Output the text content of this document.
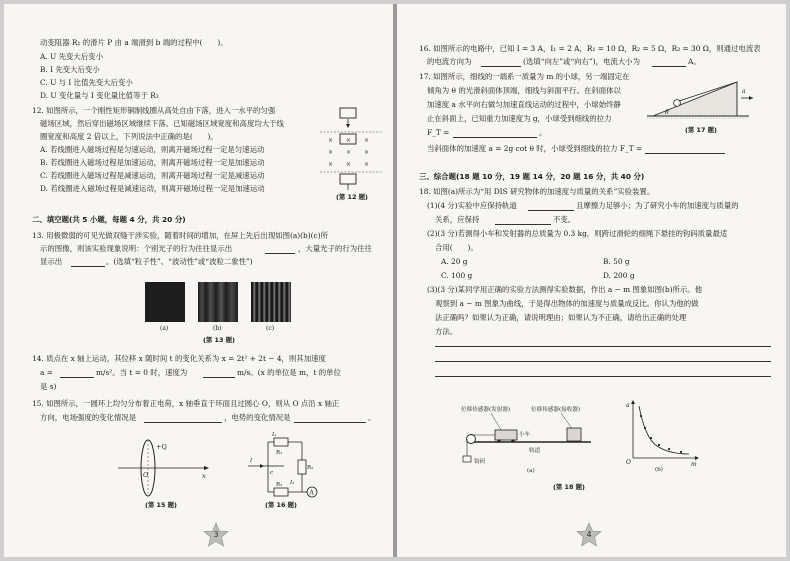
动变阻器 R₁ 的滑片 P 由 a 端滑到 b 端的过程中(　　)。
A. U 先变大后变小
B. I 先变大后变小
C. U 与 I 比值先变大后变小
D. U 变化量与 I 变化量比值等于 R₃
12. 如图所示，一个刚性矩形铜制线圈从高处自由下落，进入一水平的匀强
磁场区域，然后穿出磁场区域继续下落。已知磁场区域宽度和高度均大于线
圈宽度和高度 2 倍以上，下列说法中正确的是(　　)。
A. 若线圈进入磁场过程是匀速运动，则离开磁场过程一定是匀速运动
B. 若线圈进入磁场过程是加速运动，则离开磁场过程一定是加速运动
C. 若线圈进入磁场过程是减速运动，则离开磁场过程一定是减速运动
D. 若线圈进入磁场过程是减速运动，则离开磁场过程一定是加速运动
× × ×
× × ×
× × ×
(第 12 题)
二、填空题(共 5 小题，每题 4 分，共 20 分)
13. 用极微弱的可见光做双缝干涉实验，随着时间的增加，在屏上先后出现如图(a)(b)(c)所
示的图像，则该实验现象说明：个别光子的行为往往显示出	，大量光子的行为往往
显示出	。(选填“粒子性”、“波动性”或“波粒二象性”)
(a)	(b)	(c)
(第 13 题)
14. 质点在 x 轴上运动，其位移 x 随时间 t 的变化关系为 x = 2t² + 2t − 4，则其加速度
a =	m/s²。当 t = 0 时，速度为	m/s。(x 的单位是 m，t 的单位
是 s)
15. 如图所示，一圆环上均匀分布着正电荷，x 轴垂直于环面且过圆心 O，则从 O 点沿 x 轴正
方向，电场强度的变化情况是	，电势的变化情况是	。
+Q
O	x
(第 15 题)
I₁
R₁
I
c
R₂
I₂
R₃
A
(第 16 题)
3
16. 如图所示的电路中，已知 I = 3 A，I₁ = 2 A，R₁ = 10 Ω，R₂ = 5 Ω，R₃ = 30 Ω，则通过电流表
的电流方向为	(选填“向左”或“向右”)，电流大小为	A。
17. 如图所示，细线的一端系一质量为 m 的小球，另一端固定在
倾角为 θ 的光滑斜面体顶端，细线与斜面平行。在斜面体以
加速度 a 水平向右做匀加速直线运动的过程中，小球始终静
止在斜面上，已知重力加速度为 g，小球受到细线的拉力
F_T =	。
当斜面体的加速度 a = 2g cot θ 时，小球受到细线的拉力 F_T =
a
θ
(第 17 题)
三、综合题(18 题 10 分，19 题 14 分，20 题 16 分，共 40 分)
18. 如图(a)所示为“用 DIS 研究物体的加速度与质量的关系”实验装置。
(1)(4 分)实验中应保持轨道	且摩擦力足够小；为了研究小车的加速度与质量的
关系，应保持	不变。
(2)(3 分)若测得小车和发射器的总质量为 0.3 kg，则跨过滑轮的细绳下悬挂的钩码质量最适
合用(　　)。
A. 20 g	B. 50 g
C. 100 g	D. 200 g
(3)(3 分)某同学用正确的实验方法测得实验数据，作出 a − m 图象如图(b)所示。他
观察到 a − m 图象为曲线，于是得出物体的加速度与质量成反比。你认为他的做
法正确吗？如果认为正确，请说明理由；如果认为不正确，请给出正确的处理
方法。
位移传感器(发射器)	位移传感器(接收器)
小车
轨道
钩码
(a)
a
O	m
(b)
(第 18 题)
4
